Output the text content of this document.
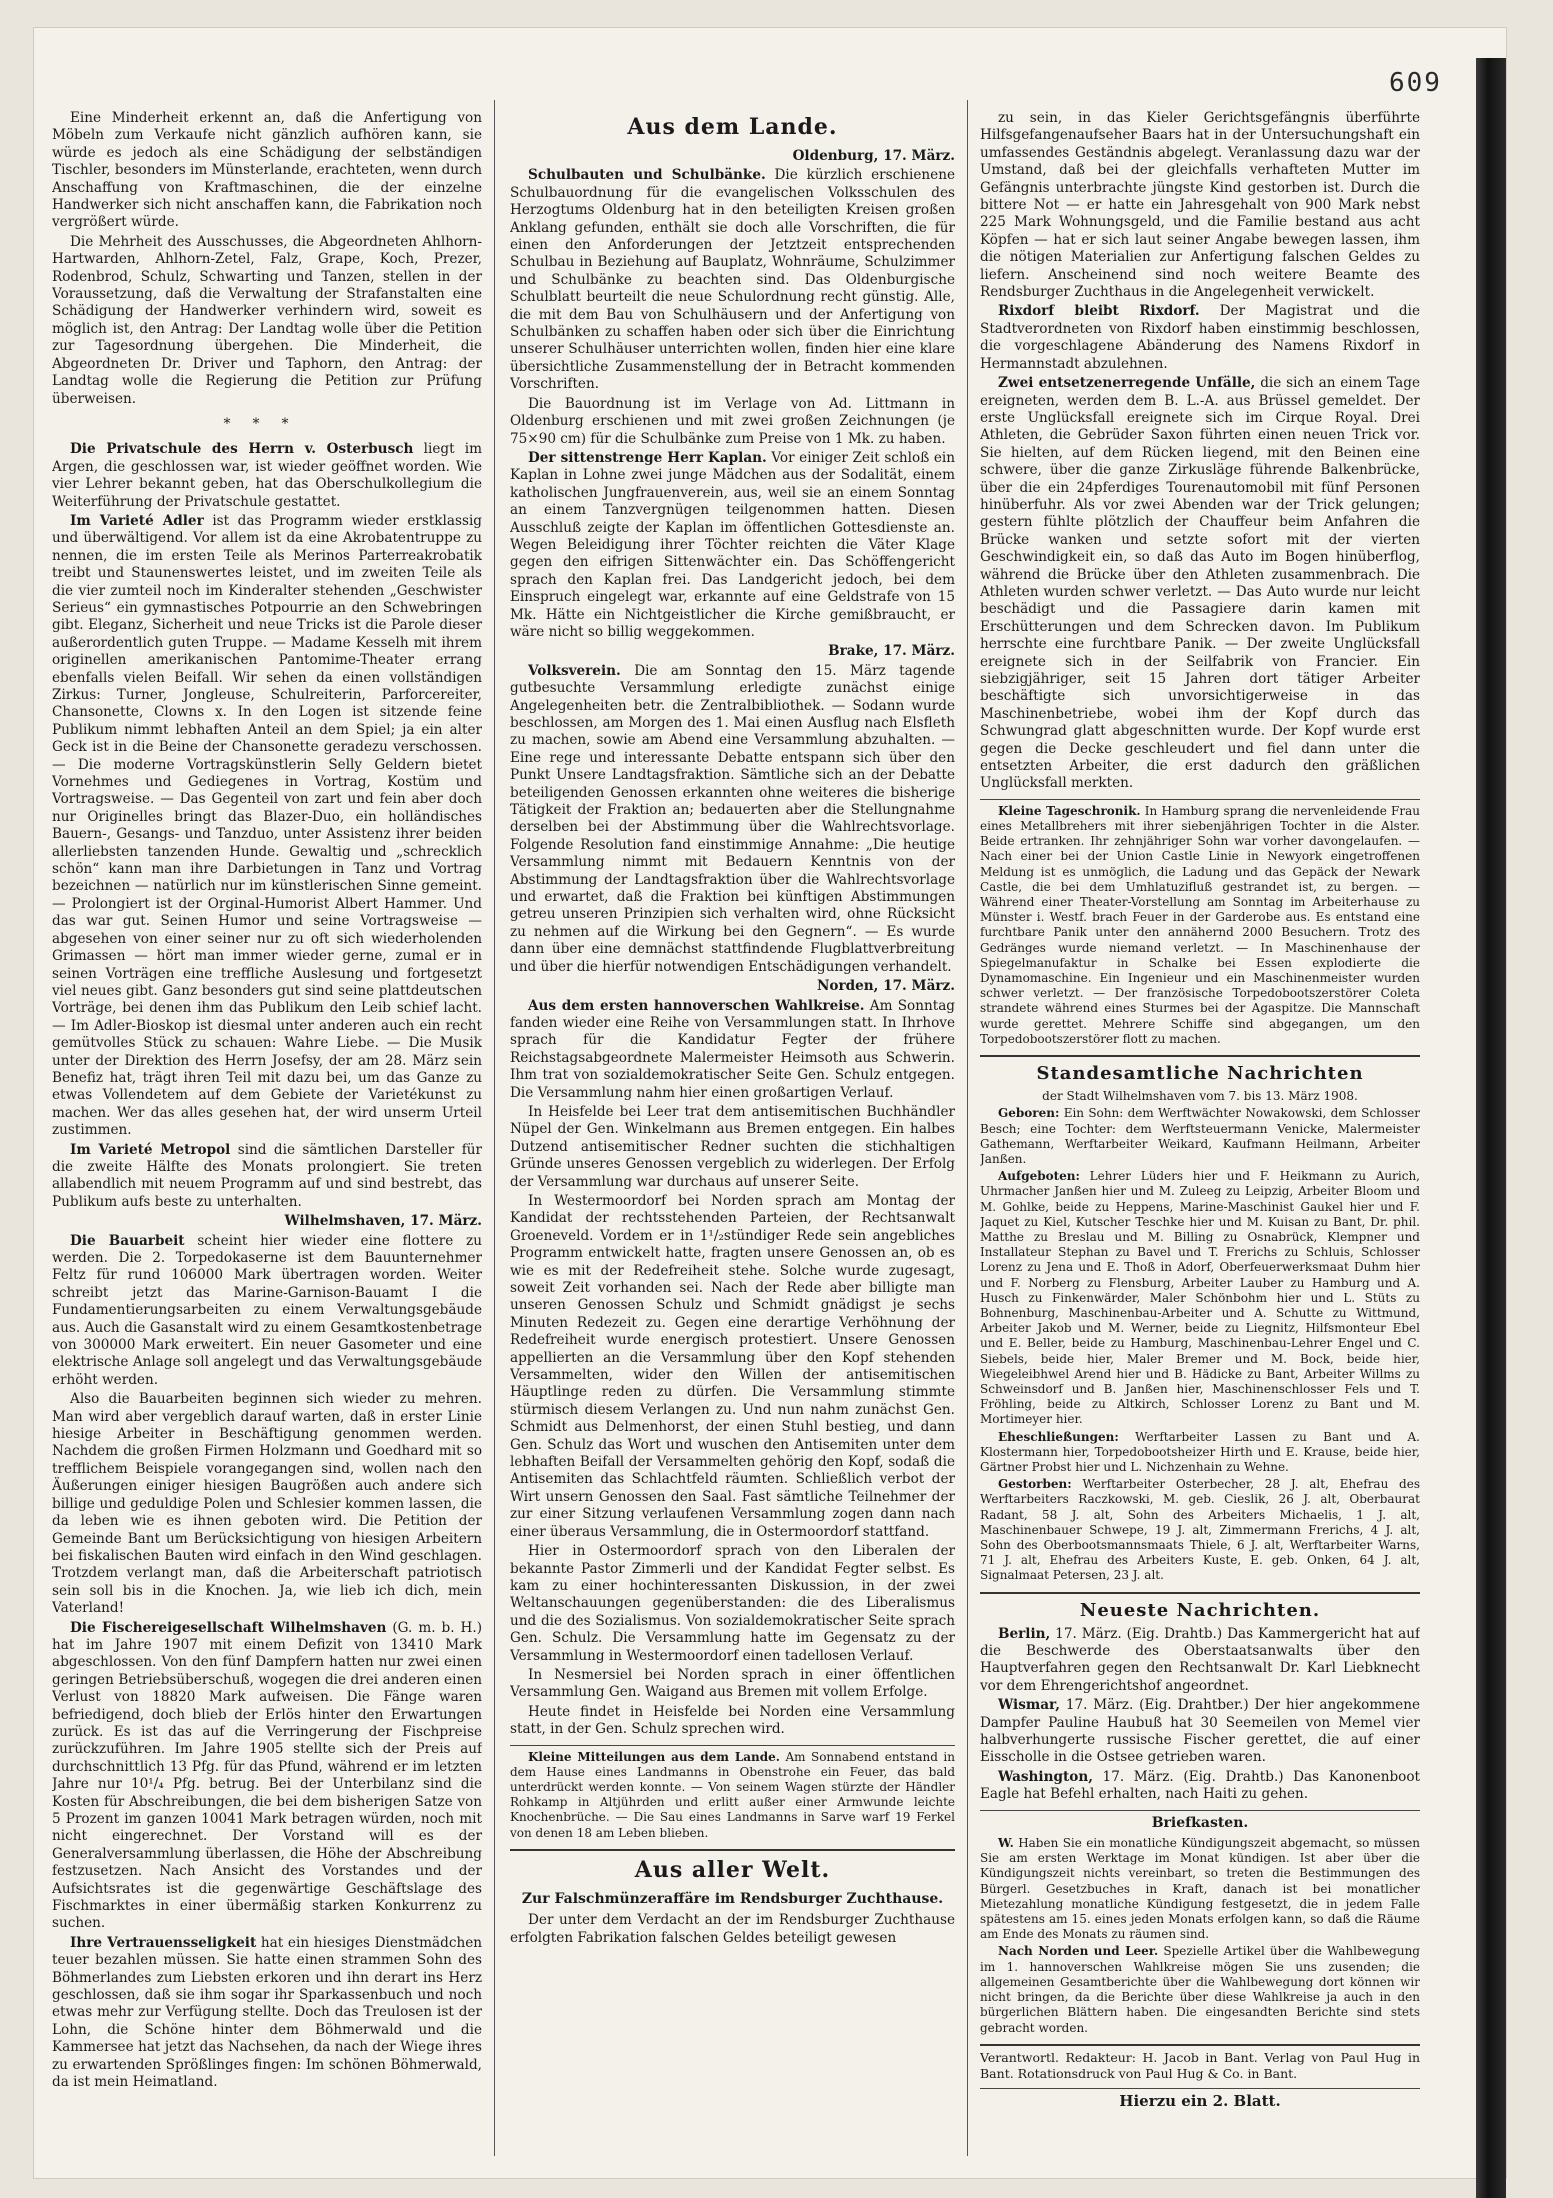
609

Eine Minderheit erkennt an, daß die Anfertigung von Möbeln zum Verkaufe nicht gänzlich aufhören kann, sie würde es jedoch als eine Schädigung der selbständigen Tischler, besonders im Münsterlande, erachteten, wenn durch Anschaffung von Kraftmaschinen, die der einzelne Handwerker sich nicht anschaffen kann, die Fabrikation noch vergrößert würde.

Die Mehrheit des Ausschusses, die Abgeordneten Ahlhorn-Hartwarden, Ahlhorn-Zetel, Falz, Grape, Koch, Prezer, Rodenbrod, Schulz, Schwarting und Tanzen, stellen in der Voraussetzung, daß die Verwaltung der Strafanstalten eine Schädigung der Handwerker verhindern wird, soweit es möglich ist, den Antrag: Der Landtag wolle über die Petition zur Tagesordnung übergehen. Die Minderheit, die Abgeordneten Dr. Driver und Taphorn, den Antrag: der Landtag wolle die Regierung die Petition zur Prüfung überweisen.

***

Die Privatschule des Herrn v. Osterbusch liegt im Argen, die geschlossen war, ist wieder geöffnet worden. Wie vier Lehrer bekannt geben, hat das Oberschulkollegium die Weiterführung der Privatschule gestattet.

Im Varieté Adler ist das Programm wieder erstklassig und überwältigend. Vor allem ist da eine Akrobatentruppe zu nennen, die im ersten Teile als Merinos Parterreakrobatik treibt und Staunenswertes leistet, und im zweiten Teile als die vier zumteil noch im Kinderalter stehenden „Geschwister Serieus“ ein gymnastisches Potpourrie an den Schwebringen gibt. Eleganz, Sicherheit und neue Tricks ist die Parole dieser außerordentlich guten Truppe. — Madame Kesselh mit ihrem originellen amerikanischen Pantomime-Theater errang ebenfalls vielen Beifall. Wir sehen da einen vollständigen Zirkus: Turner, Jongleuse, Schulreiterin, Parforcereiter, Chansonette, Clowns x. In den Logen ist sitzende feine Publikum nimmt lebhaften Anteil an dem Spiel; ja ein alter Geck ist in die Beine der Chansonette geradezu verschossen. — Die moderne Vortragskünstlerin Selly Geldern bietet Vornehmes und Gediegenes in Vortrag, Kostüm und Vortragsweise. — Das Gegenteil von zart und fein aber doch nur Originelles bringt das Blazer-Duo, ein holländisches Bauern-, Gesangs- und Tanzduo, unter Assistenz ihrer beiden allerliebsten tanzenden Hunde. Gewaltig und „schrecklich schön“ kann man ihre Darbietungen in Tanz und Vortrag bezeichnen — natürlich nur im künstlerischen Sinne gemeint. — Prolongiert ist der Orginal-Humorist Albert Hammer. Und das war gut. Seinen Humor und seine Vortragsweise — abgesehen von einer seiner nur zu oft sich wiederholenden Grimassen — hört man immer wieder gerne, zumal er in seinen Vorträgen eine treffliche Auslesung und fortgesetzt viel neues gibt. Ganz besonders gut sind seine plattdeutschen Vorträge, bei denen ihm das Publikum den Leib schief lacht. — Im Adler-Bioskop ist diesmal unter anderen auch ein recht gemütvolles Stück zu schauen: Wahre Liebe. — Die Musik unter der Direktion des Herrn Josefsy, der am 28. März sein Benefiz hat, trägt ihren Teil mit dazu bei, um das Ganze zu etwas Vollendetem auf dem Gebiete der Varietékunst zu machen. Wer das alles gesehen hat, der wird unserm Urteil zustimmen.

Im Varieté Metropol sind die sämtlichen Darsteller für die zweite Hälfte des Monats prolongiert. Sie treten allabendlich mit neuem Programm auf und sind bestrebt, das Publikum aufs beste zu unterhalten.

Wilhelmshaven, 17. März.

Die Bauarbeit scheint hier wieder eine flottere zu werden. Die 2. Torpedokaserne ist dem Bauunternehmer Feltz für rund 106000 Mark übertragen worden. Weiter schreibt jetzt das Marine-Garnison-Bauamt I die Fundamentierungsarbeiten zu einem Verwaltungsgebäude aus. Auch die Gasanstalt wird zu einem Gesamtkostenbetrage von 300000 Mark erweitert. Ein neuer Gasometer und eine elektrische Anlage soll angelegt und das Verwaltungsgebäude erhöht werden.

Also die Bauarbeiten beginnen sich wieder zu mehren. Man wird aber vergeblich darauf warten, daß in erster Linie hiesige Arbeiter in Beschäftigung genommen werden. Nachdem die großen Firmen Holzmann und Goedhard mit so trefflichem Beispiele vorangegangen sind, wollen nach den Äußerungen einiger hiesigen Baugrößen auch andere sich billige und geduldige Polen und Schlesier kommen lassen, die da leben wie es ihnen geboten wird. Die Petition der Gemeinde Bant um Berücksichtigung von hiesigen Arbeitern bei fiskalischen Bauten wird einfach in den Wind geschlagen. Trotzdem verlangt man, daß die Arbeiterschaft patriotisch sein soll bis in die Knochen. Ja, wie lieb ich dich, mein Vaterland!

Die Fischereigesellschaft Wilhelmshaven (G. m. b. H.) hat im Jahre 1907 mit einem Defizit von 13410 Mark abgeschlossen. Von den fünf Dampfern hatten nur zwei einen geringen Betriebsüberschuß, wogegen die drei anderen einen Verlust von 18820 Mark aufweisen. Die Fänge waren befriedigend, doch blieb der Erlös hinter den Erwartungen zurück. Es ist das auf die Verringerung der Fischpreise zurückzuführen. Im Jahre 1905 stellte sich der Preis auf durchschnittlich 13 Pfg. für das Pfund, während er im letzten Jahre nur 10¹/₄ Pfg. betrug. Bei der Unterbilanz sind die Kosten für Abschreibungen, die bei dem bisherigen Satze von 5 Prozent im ganzen 10041 Mark betragen würden, noch mit nicht eingerechnet. Der Vorstand will es der Generalversammlung überlassen, die Höhe der Abschreibung festzusetzen. Nach Ansicht des Vorstandes und der Aufsichtsrates ist die gegenwärtige Geschäftslage des Fischmarktes in einer übermäßig starken Konkurrenz zu suchen.

Ihre Vertrauensseligkeit hat ein hiesiges Dienstmädchen teuer bezahlen müssen. Sie hatte einen strammen Sohn des Böhmerlandes zum Liebsten erkoren und ihn derart ins Herz geschlossen, daß sie ihm sogar ihr Sparkassenbuch und noch etwas mehr zur Verfügung stellte. Doch das Treulosen ist der Lohn, die Schöne hinter dem Böhmerwald und die Kammersee hat jetzt das Nachsehen, da nach der Wiege ihres zu erwartenden Sprößlinges fingen: Im schönen Böhmerwald, da ist mein Heimatland.

Aus dem Lande.
Oldenburg, 17. März.

Schulbauten und Schulbänke. Die kürzlich erschienene Schulbauordnung für die evangelischen Volksschulen des Herzogtums Oldenburg hat in den beteiligten Kreisen großen Anklang gefunden, enthält sie doch alle Vorschriften, die für einen den Anforderungen der Jetztzeit entsprechenden Schulbau in Beziehung auf Bauplatz, Wohnräume, Schulzimmer und Schulbänke zu beachten sind. Das Oldenburgische Schulblatt beurteilt die neue Schulordnung recht günstig. Alle, die mit dem Bau von Schulhäusern und der Anfertigung von Schulbänken zu schaffen haben oder sich über die Einrichtung unserer Schulhäuser unterrichten wollen, finden hier eine klare übersichtliche Zusammenstellung der in Betracht kommenden Vorschriften.

Die Bauordnung ist im Verlage von Ad. Littmann in Oldenburg erschienen und mit zwei großen Zeichnungen (je 75×90 cm) für die Schulbänke zum Preise von 1 Mk. zu haben.

Der sittenstrenge Herr Kaplan. Vor einiger Zeit schloß ein Kaplan in Lohne zwei junge Mädchen aus der Sodalität, einem katholischen Jungfrauenverein, aus, weil sie an einem Sonntag an einem Tanzvergnügen teilgenommen hatten. Diesen Ausschluß zeigte der Kaplan im öffentlichen Gottesdienste an. Wegen Beleidigung ihrer Töchter reichten die Väter Klage gegen den eifrigen Sittenwächter ein. Das Schöffengericht sprach den Kaplan frei. Das Landgericht jedoch, bei dem Einspruch eingelegt war, erkannte auf eine Geldstrafe von 15 Mk. Hätte ein Nichtgeistlicher die Kirche gemißbraucht, er wäre nicht so billig weggekommen.

Brake, 17. März.

Volksverein. Die am Sonntag den 15. März tagende gutbesuchte Versammlung erledigte zunächst einige Angelegenheiten betr. die Zentralbibliothek. — Sodann wurde beschlossen, am Morgen des 1. Mai einen Ausflug nach Elsfleth zu machen, sowie am Abend eine Versammlung abzuhalten. — Eine rege und interessante Debatte entspann sich über den Punkt Unsere Landtagsfraktion. Sämtliche sich an der Debatte beteiligenden Genossen erkannten ohne weiteres die bisherige Tätigkeit der Fraktion an; bedauerten aber die Stellungnahme derselben bei der Abstimmung über die Wahlrechtsvorlage. Folgende Resolution fand einstimmige Annahme: „Die heutige Versammlung nimmt mit Bedauern Kenntnis von der Abstimmung der Landtagsfraktion über die Wahlrechtsvorlage und erwartet, daß die Fraktion bei künftigen Abstimmungen getreu unseren Prinzipien sich verhalten wird, ohne Rücksicht zu nehmen auf die Wirkung bei den Gegnern“. — Es wurde dann über eine demnächst stattfindende Flugblattverbreitung und über die hierfür notwendigen Entschädigungen verhandelt.

Norden, 17. März.

Aus dem ersten hannoverschen Wahlkreise. Am Sonntag fanden wieder eine Reihe von Versammlungen statt. In Ihrhove sprach für die Kandidatur Fegter der frühere Reichstagsabgeordnete Malermeister Heimsoth aus Schwerin. Ihm trat von sozialdemokratischer Seite Gen. Schulz entgegen. Die Versammlung nahm hier einen großartigen Verlauf.

In Heisfelde bei Leer trat dem antisemitischen Buchhändler Nüpel der Gen. Winkelmann aus Bremen entgegen. Ein halbes Dutzend antisemitischer Redner suchten die stichhaltigen Gründe unseres Genossen vergeblich zu widerlegen. Der Erfolg der Versammlung war durchaus auf unserer Seite.

In Westermoordorf bei Norden sprach am Montag der Kandidat der rechtsstehenden Parteien, der Rechtsanwalt Groeneveld. Vordem er in 1¹/₂stündiger Rede sein angebliches Programm entwickelt hatte, fragten unsere Genossen an, ob es wie es mit der Redefreiheit stehe. Solche wurde zugesagt, soweit Zeit vorhanden sei. Nach der Rede aber billigte man unseren Genossen Schulz und Schmidt gnädigst je sechs Minuten Redezeit zu. Gegen eine derartige Verhöhnung der Redefreiheit wurde energisch protestiert. Unsere Genossen appellierten an die Versammlung über den Kopf stehenden Versammelten, wider den Willen der antisemitischen Häuptlinge reden zu dürfen. Die Versammlung stimmte stürmisch diesem Verlangen zu. Und nun nahm zunächst Gen. Schmidt aus Delmenhorst, der einen Stuhl bestieg, und dann Gen. Schulz das Wort und wuschen den Antisemiten unter dem lebhaften Beifall der Versammelten gehörig den Kopf, sodaß die Antisemiten das Schlachtfeld räumten. Schließlich verbot der Wirt unsern Genossen den Saal. Fast sämtliche Teilnehmer der zur einer Sitzung verlaufenen Versammlung zogen dann nach einer überaus Versammlung, die in Ostermoordorf stattfand.

Hier in Ostermoordorf sprach von den Liberalen der bekannte Pastor Zimmerli und der Kandidat Fegter selbst. Es kam zu einer hochinteressanten Diskussion, in der zwei Weltanschauungen gegenüberstanden: die des Liberalismus und die des Sozialismus. Von sozialdemokratischer Seite sprach Gen. Schulz. Die Versammlung hatte im Gegensatz zu der Versammlung in Westermoordorf einen tadellosen Verlauf.

In Nesmersiel bei Norden sprach in einer öffentlichen Versammlung Gen. Waigand aus Bremen mit vollem Erfolge.

Heute findet in Heisfelde bei Norden eine Versammlung statt, in der Gen. Schulz sprechen wird.

Kleine Mitteilungen aus dem Lande. Am Sonnabend entstand in dem Hause eines Landmanns in Obenstrohe ein Feuer, das bald unterdrückt werden konnte. — Von seinem Wagen stürzte der Händler Rohkamp in Altjührden und erlitt außer einer Armwunde leichte Knochenbrüche. — Die Sau eines Landmanns in Sarve warf 19 Ferkel von denen 18 am Leben blieben.

Aus aller Welt.
Zur Falschmünzeraffäre im Rendsburger Zuchthause.

Der unter dem Verdacht an der im Rendsburger Zuchthause erfolgten Fabrikation falschen Geldes beteiligt gewesen

zu sein, in das Kieler Gerichtsgefängnis überführte Hilfsgefangenaufseher Baars hat in der Untersuchungshaft ein umfassendes Geständnis abgelegt. Veranlassung dazu war der Umstand, daß bei der gleichfalls verhafteten Mutter im Gefängnis unterbrachte jüngste Kind gestorben ist. Durch die bittere Not — er hatte ein Jahresgehalt von 900 Mark nebst 225 Mark Wohnungsgeld, und die Familie bestand aus acht Köpfen — hat er sich laut seiner Angabe bewegen lassen, ihm die nötigen Materialien zur Anfertigung falschen Geldes zu liefern. Anscheinend sind noch weitere Beamte des Rendsburger Zuchthaus in die Angelegenheit verwickelt.

Rixdorf bleibt Rixdorf. Der Magistrat und die Stadtverordneten von Rixdorf haben einstimmig beschlossen, die vorgeschlagene Abänderung des Namens Rixdorf in Hermannstadt abzulehnen.

Zwei entsetzenerregende Unfälle, die sich an einem Tage ereigneten, werden dem B. L.-A. aus Brüssel gemeldet. Der erste Unglücksfall ereignete sich im Cirque Royal. Drei Athleten, die Gebrüder Saxon führten einen neuen Trick vor. Sie hielten, auf dem Rücken liegend, mit den Beinen eine schwere, über die ganze Zirkusläge führende Balkenbrücke, über die ein 24pferdiges Tourenautomobil mit fünf Personen hinüberfuhr. Als vor zwei Abenden war der Trick gelungen; gestern fühlte plötzlich der Chauffeur beim Anfahren die Brücke wanken und setzte sofort mit der vierten Geschwindigkeit ein, so daß das Auto im Bogen hinüberflog, während die Brücke über den Athleten zusammenbrach. Die Athleten wurden schwer verletzt. — Das Auto wurde nur leicht beschädigt und die Passagiere darin kamen mit Erschütterungen und dem Schrecken davon. Im Publikum herrschte eine furchtbare Panik. — Der zweite Unglücksfall ereignete sich in der Seilfabrik von Francier. Ein siebzigjähriger, seit 15 Jahren dort tätiger Arbeiter beschäftigte sich unvorsichtigerweise in das Maschinenbetriebe, wobei ihm der Kopf durch das Schwungrad glatt abgeschnitten wurde. Der Kopf wurde erst gegen die Decke geschleudert und fiel dann unter die entsetzten Arbeiter, die erst dadurch den gräßlichen Unglücksfall merkten.

Kleine Tageschronik. In Hamburg sprang die nervenleidende Frau eines Metallbrehers mit ihrer siebenjährigen Tochter in die Alster. Beide ertranken. Ihr zehnjähriger Sohn war vorher davongelaufen. — Nach einer bei der Union Castle Linie in Newyork eingetroffenen Meldung ist es unmöglich, die Ladung und das Gepäck der Newark Castle, die bei dem Umhlatuzifluß gestrandet ist, zu bergen. — Während einer Theater-Vorstellung am Sonntag im Arbeiterhause zu Münster i. Westf. brach Feuer in der Garderobe aus. Es entstand eine furchtbare Panik unter den annähernd 2000 Besuchern. Trotz des Gedränges wurde niemand verletzt. — In Maschinenhause der Spiegelmanufaktur in Schalke bei Essen explodierte die Dynamomaschine. Ein Ingenieur und ein Maschinenmeister wurden schwer verletzt. — Der französische Torpedobootszerstörer Coleta strandete während eines Sturmes bei der Agaspitze. Die Mannschaft wurde gerettet. Mehrere Schiffe sind abgegangen, um den Torpedobootszerstörer flott zu machen.

Standesamtliche Nachrichten

der Stadt Wilhelmshaven vom 7. bis 13. März 1908.

Geboren: Ein Sohn: dem Werftwächter Nowakowski, dem Schlosser Besch; eine Tochter: dem Werftsteuermann Venicke, Malermeister Gathemann, Werftarbeiter Weikard, Kaufmann Heilmann, Arbeiter Janßen.

Aufgeboten: Lehrer Lüders hier und F. Heikmann zu Aurich, Uhrmacher Janßen hier und M. Zuleeg zu Leipzig, Arbeiter Bloom und M. Gohlke, beide zu Heppens, Marine-Maschinist Gaukel hier und F. Jaquet zu Kiel, Kutscher Teschke hier und M. Kuisan zu Bant, Dr. phil. Matthe zu Breslau und M. Billing zu Osnabrück, Klempner und Installateur Stephan zu Bavel und T. Frerichs zu Schluis, Schlosser Lorenz zu Jena und E. Thoß in Adorf, Oberfeuerwerksmaat Duhm hier und F. Norberg zu Flensburg, Arbeiter Lauber zu Hamburg und A. Husch zu Finkenwärder, Maler Schönbohm hier und L. Stüts zu Bohnenburg, Maschinenbau-Arbeiter und A. Schutte zu Wittmund, Arbeiter Jakob und M. Werner, beide zu Liegnitz, Hilfsmonteur Ebel und E. Beller, beide zu Hamburg, Maschinenbau-Lehrer Engel und C. Siebels, beide hier, Maler Bremer und M. Bock, beide hier, Wiegeleibhwel Arend hier und B. Hädicke zu Bant, Arbeiter Willms zu Schweinsdorf und B. Janßen hier, Maschinenschlosser Fels und T. Fröhling, beide zu Altkirch, Schlosser Lorenz zu Bant und M. Mortimeyer hier.

Eheschließungen: Werftarbeiter Lassen zu Bant und A. Klostermann hier, Torpedobootsheizer Hirth und E. Krause, beide hier, Gärtner Probst hier und L. Nichzenhain zu Wehne.

Gestorben: Werftarbeiter Osterbecher, 28 J. alt, Ehefrau des Werftarbeiters Raczkowski, M. geb. Cieslik, 26 J. alt, Oberbaurat Radant, 58 J. alt, Sohn des Arbeiters Michaelis, 1 J. alt, Maschinenbauer Schwepe, 19 J. alt, Zimmermann Frerichs, 4 J. alt, Sohn des Oberbootsmannsmaats Thiele, 6 J. alt, Werftarbeiter Warns, 71 J. alt, Ehefrau des Arbeiters Kuste, E. geb. Onken, 64 J. alt, Signalmaat Petersen, 23 J. alt.

Neueste Nachrichten.

Berlin, 17. März. (Eig. Drahtb.) Das Kammergericht hat auf die Beschwerde des Oberstaatsanwalts über den Hauptverfahren gegen den Rechtsanwalt Dr. Karl Liebknecht vor dem Ehrengerichtshof angeordnet.

Wismar, 17. März. (Eig. Drahtber.) Der hier angekommene Dampfer Pauline Haubuß hat 30 Seemeilen von Memel vier halbverhungerte russische Fischer gerettet, die auf einer Eisscholle in die Ostsee getrieben waren.

Washington, 17. März. (Eig. Drahtb.) Das Kanonenboot Eagle hat Befehl erhalten, nach Haiti zu gehen.

Briefkasten.

W. Haben Sie ein monatliche Kündigungszeit abgemacht, so müssen Sie am ersten Werktage im Monat kündigen. Ist aber über die Kündigungszeit nichts vereinbart, so treten die Bestimmungen des Bürgerl. Gesetzbuches in Kraft, danach ist bei monatlicher Mietezahlung monatliche Kündigung festgesetzt, die in jedem Falle spätestens am 15. eines jeden Monats erfolgen kann, so daß die Räume am Ende des Monats zu räumen sind.

Nach Norden und Leer. Spezielle Artikel über die Wahlbewegung im 1. hannoverschen Wahlkreise mögen Sie uns zusenden; die allgemeinen Gesamtberichte über die Wahlbewegung dort können wir nicht bringen, da die Berichte über diese Wahlkreise ja auch in den bürgerlichen Blättern haben. Die eingesandten Berichte sind stets gebracht worden.

Verantwortl. Redakteur: H. Jacob in Bant. Verlag von Paul Hug in Bant. Rotationsdruck von Paul Hug & Co. in Bant.

Hierzu ein 2. Blatt.
